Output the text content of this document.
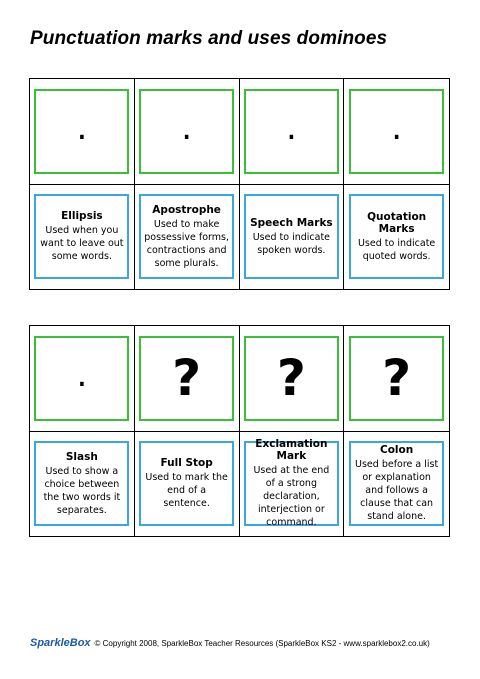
Punctuation marks and uses dominoes
.
Ellipsis
Used when you want to leave out some words.
.
Apostrophe
Used to make possessive forms, contractions and some plurals.
.
Speech Marks
Used to indicate spoken words.
.
Quotation Marks
Used to indicate quoted words.
.
Slash
Used to show a choice between the two words it separates.
?
Full Stop
Used to mark the end of a sentence.
?
Exclamation Mark
Used at the end of a strong declaration, interjection or command.
?
Colon
Used before a list or explanation and follows a clause that can stand alone.
SparkleBox © Copyright 2008, SparkleBox Teacher Resources (SparkleBox KS2 - www.sparklebox2.co.uk)
